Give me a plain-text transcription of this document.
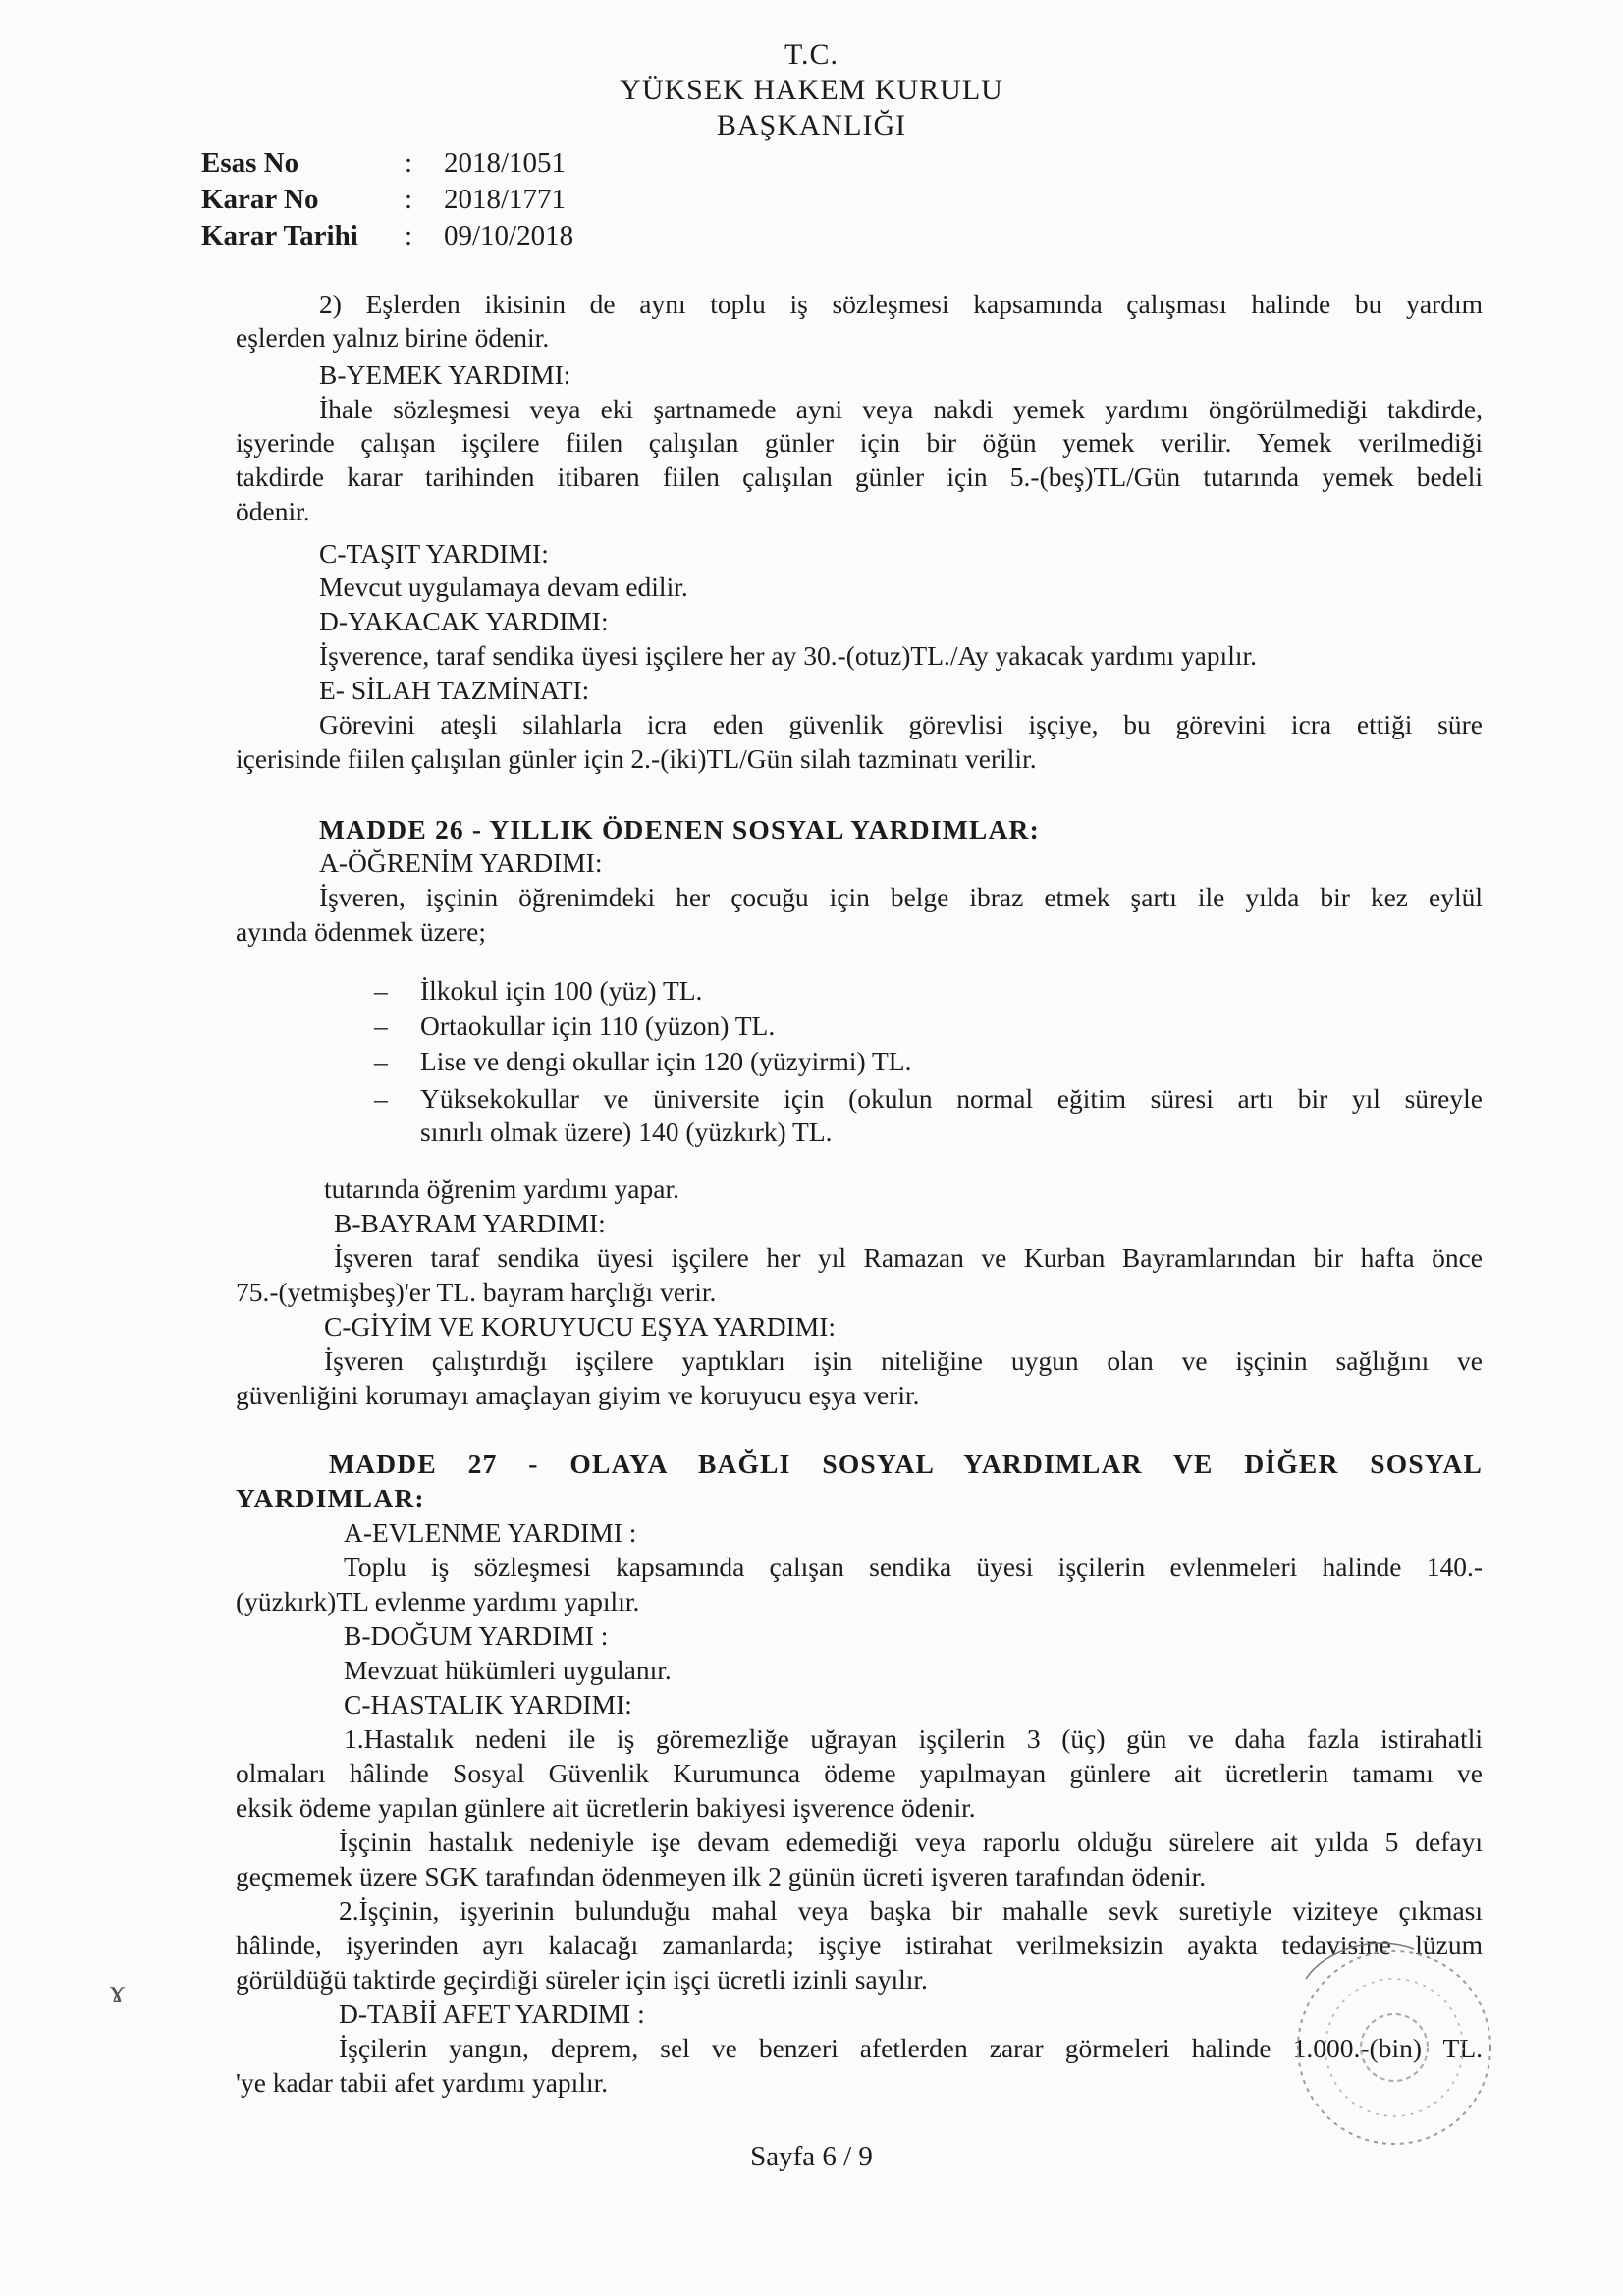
T.C.
YÜKSEK HAKEM KURULU
BAŞKANLIĞI
Esas No	:	2018/1051
Karar No	:	2018/1771
Karar Tarihi	:	09/10/2018
2) Eşlerden ikisinin de aynı toplu iş sözleşmesi kapsamında çalışması halinde bu yardım
eşlerden yalnız birine ödenir.
B-YEMEK YARDIMI:
İhale sözleşmesi veya eki şartnamede ayni veya nakdi yemek yardımı öngörülmediği takdirde,
işyerinde çalışan işçilere fiilen çalışılan günler için bir öğün yemek verilir. Yemek verilmediği
takdirde karar tarihinden itibaren fiilen çalışılan günler için 5.-(beş)TL/Gün tutarında yemek bedeli
ödenir.
C-TAŞIT YARDIMI:
Mevcut uygulamaya devam edilir.
D-YAKACAK YARDIMI:
İşverence, taraf sendika üyesi işçilere her ay 30.-(otuz)TL./Ay yakacak yardımı yapılır.
E- SİLAH TAZMİNATI:
Görevini ateşli silahlarla icra eden güvenlik görevlisi işçiye, bu görevini icra ettiği süre
içerisinde fiilen çalışılan günler için 2.-(iki)TL/Gün silah tazminatı verilir.
MADDE 26 - YILLIK ÖDENEN SOSYAL YARDIMLAR:
A-ÖĞRENİM YARDIMI:
İşveren, işçinin öğrenimdeki her çocuğu için belge ibraz etmek şartı ile yılda bir kez eylül
ayında ödenmek üzere;
– İlkokul için 100 (yüz) TL.
– Ortaokullar için 110 (yüzon) TL.
– Lise ve dengi okullar için 120 (yüzyirmi) TL.
– Yüksekokullar ve üniversite için (okulun normal eğitim süresi artı bir yıl süreyle
sınırlı olmak üzere) 140 (yüzkırk) TL.
tutarında öğrenim yardımı yapar.
B-BAYRAM YARDIMI:
İşveren taraf sendika üyesi işçilere her yıl Ramazan ve Kurban Bayramlarından bir hafta önce
75.-(yetmişbeş)'er TL. bayram harçlığı verir.
C-GİYİM VE KORUYUCU EŞYA YARDIMI:
İşveren çalıştırdığı işçilere yaptıkları işin niteliğine uygun olan ve işçinin sağlığını ve
güvenliğini korumayı amaçlayan giyim ve koruyucu eşya verir.
MADDE 27 - OLAYA BAĞLI SOSYAL YARDIMLAR VE DİĞER SOSYAL
YARDIMLAR:
A-EVLENME YARDIMI :
Toplu iş sözleşmesi kapsamında çalışan sendika üyesi işçilerin evlenmeleri halinde 140.-
(yüzkırk)TL evlenme yardımı yapılır.
B-DOĞUM YARDIMI :
Mevzuat hükümleri uygulanır.
C-HASTALIK YARDIMI:
1.Hastalık nedeni ile iş göremezliğe uğrayan işçilerin 3 (üç) gün ve daha fazla istirahatli
olmaları hâlinde Sosyal Güvenlik Kurumunca ödeme yapılmayan günlere ait ücretlerin tamamı ve
eksik ödeme yapılan günlere ait ücretlerin bakiyesi işverence ödenir.
İşçinin hastalık nedeniyle işe devam edemediği veya raporlu olduğu sürelere ait yılda 5 defayı
geçmemek üzere SGK tarafından ödenmeyen ilk 2 günün ücreti işveren tarafından ödenir.
2.İşçinin, işyerinin bulunduğu mahal veya başka bir mahalle sevk suretiyle viziteye çıkması
hâlinde, işyerinden ayrı kalacağı zamanlarda; işçiye istirahat verilmeksizin ayakta tedavisine lüzum
görüldüğü taktirde geçirdiği süreler için işçi ücretli izinli sayılır.
D-TABİİ AFET YARDIMI :
İşçilerin yangın, deprem, sel ve benzeri afetlerden zarar görmeleri halinde 1.000.-(bin) TL.
'ye kadar tabii afet yardımı yapılır.
Sayfa 6 / 9
ɤ
